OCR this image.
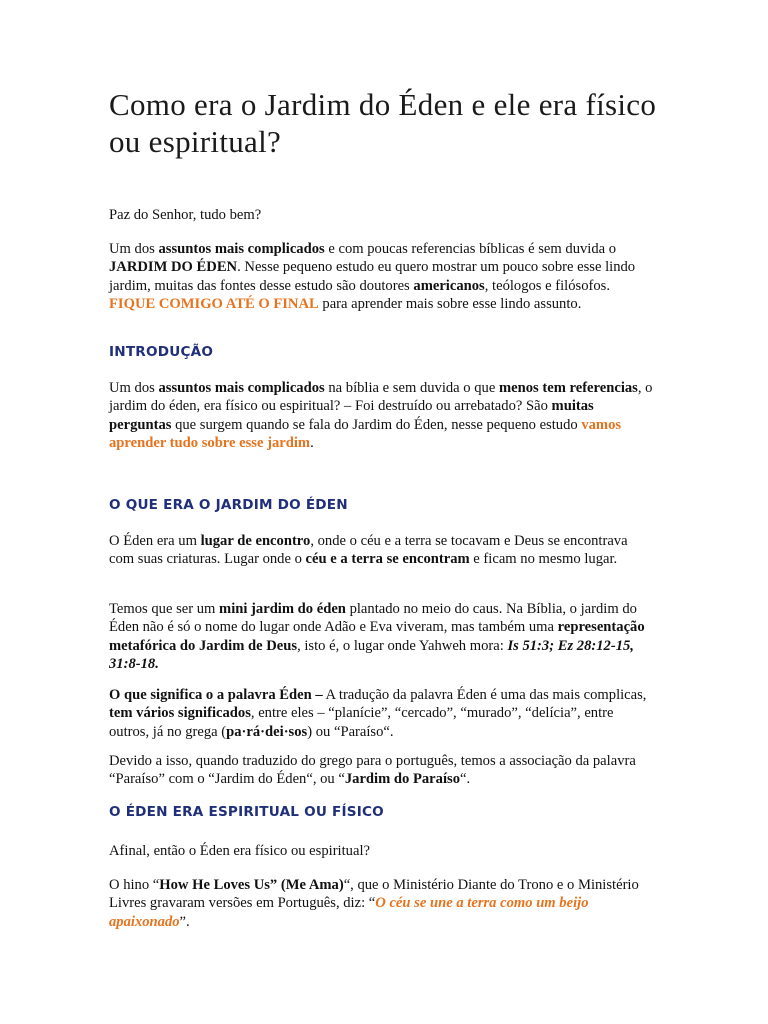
Como era o Jardim do Éden e ele era físico ou espiritual?

Paz do Senhor, tudo bem?

Um dos assuntos mais complicados e com poucas referencias bíblicas é sem duvida o JARDIM DO ÉDEN. Nesse pequeno estudo eu quero mostrar um pouco sobre esse lindo jardim, muitas das fontes desse estudo são doutores americanos, teólogos e filósofos. FIQUE COMIGO ATÉ O FINAL para aprender mais sobre esse lindo assunto.

INTRODUÇÃO

Um dos assuntos mais complicados na bíblia e sem duvida o que menos tem referencias, o jardim do éden, era físico ou espiritual? – Foi destruído ou arrebatado? São muitas perguntas que surgem quando se fala do Jardim do Éden, nesse pequeno estudo vamos aprender tudo sobre esse jardim.

O QUE ERA O JARDIM DO ÉDEN

O Éden era um lugar de encontro, onde o céu e a terra se tocavam e Deus se encontrava com suas criaturas. Lugar onde o céu e a terra se encontram e ficam no mesmo lugar.

Temos que ser um mini jardim do éden plantado no meio do caus. Na Bíblia, o jardim do Éden não é só o nome do lugar onde Adão e Eva viveram, mas também uma representação metafórica do Jardim de Deus, isto é, o lugar onde Yahweh mora: Is 51:3; Ez 28:12-15, 31:8-18.

O que significa o a palavra Éden – A tradução da palavra Éden é uma das mais complicas, tem vários significados, entre eles – “planície”, “cercado”, “murado”, “delícia”, entre outros, já no grega (pa·rá·dei·sos) ou “Paraíso“.

Devido a isso, quando traduzido do grego para o português, temos a associação da palavra “Paraíso” com o “Jardim do Éden“, ou “Jardim do Paraíso“.

O ÉDEN ERA ESPIRITUAL OU FÍSICO

Afinal, então o Éden era físico ou espiritual?

O hino “How He Loves Us” (Me Ama)“, que o Ministério Diante do Trono e o Ministério Livres gravaram versões em Português, diz: “O céu se une a terra como um beijo apaixonado”.
